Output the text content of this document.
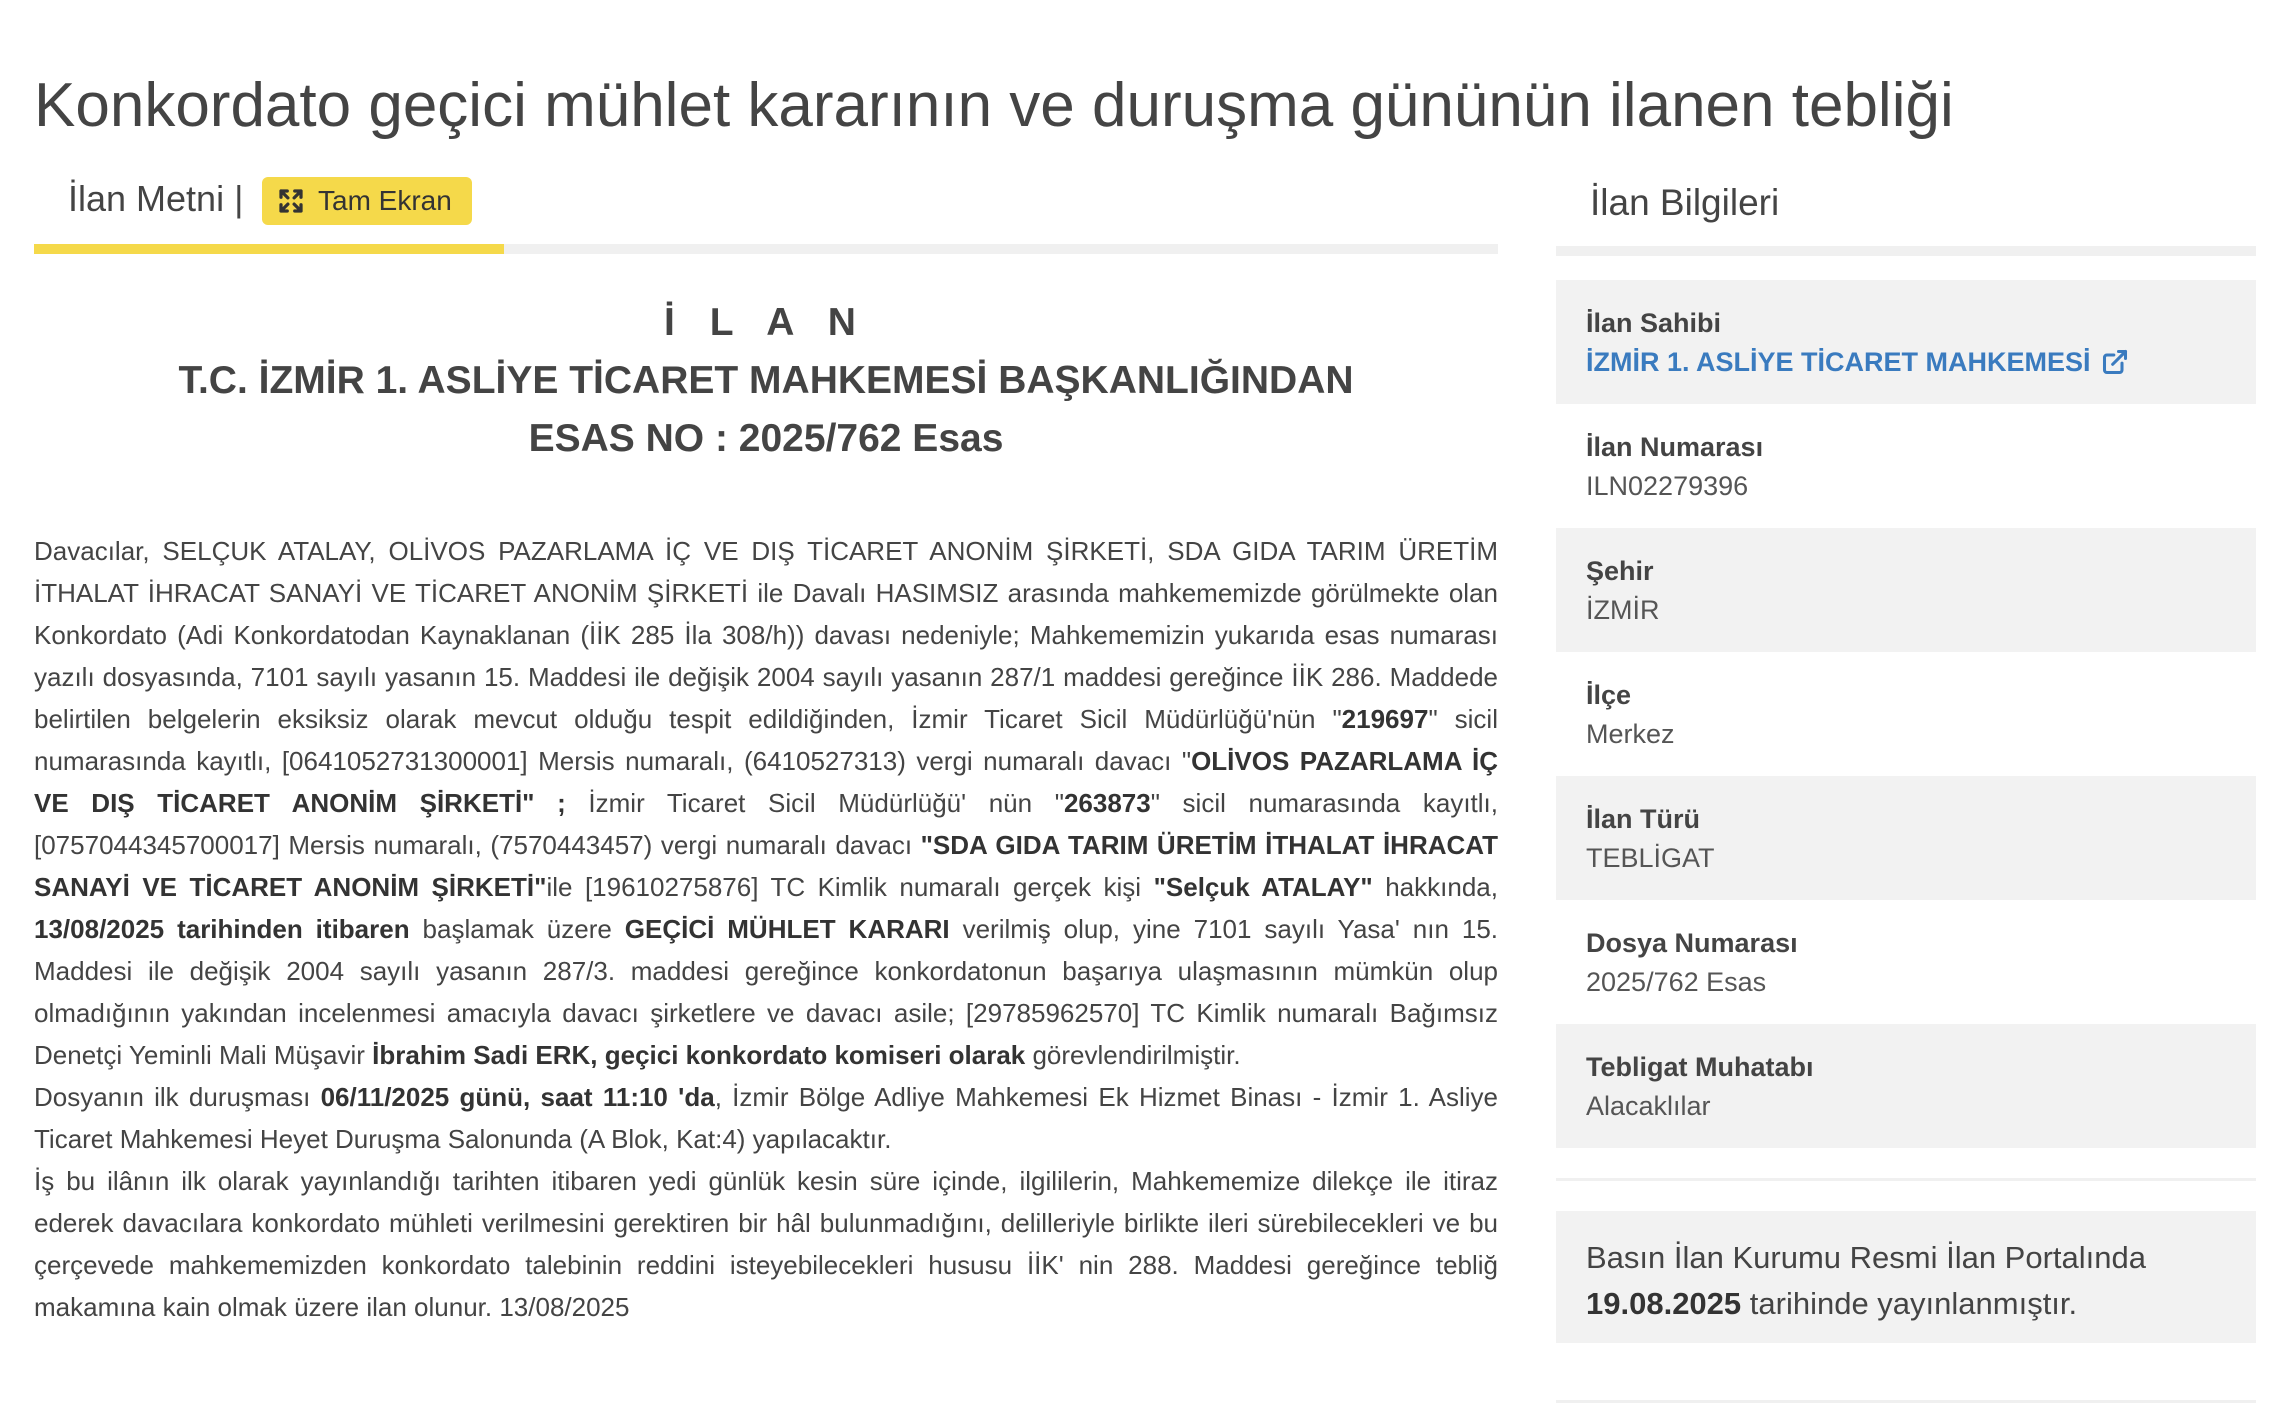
Konkordato geçici mühlet kararının ve duruşma gününün ilanen tebliği
İlan Metni |	Tam Ekran
İ L A N
T.C. İZMİR 1. ASLİYE TİCARET MAHKEMESİ BAŞKANLIĞINDAN
ESAS NO : 2025/762 Esas

Davacılar, SELÇUK ATALAY, OLİVOS PAZARLAMA İÇ VE DIŞ TİCARET ANONİM ŞİRKETİ, SDA GIDA TARIM ÜRETİM İTHALAT İHRACAT SANAYİ VE TİCARET ANONİM ŞİRKETİ ile Davalı HASIMSIZ arasında mahkememizde görülmekte olan Konkordato (Adi Konkordatodan Kaynaklanan (İİK 285 İla 308/h)) davası nedeniyle; Mahkememizin yukarıda esas numarası yazılı dosyasında, 7101 sayılı yasanın 15. Maddesi ile değişik 2004 sayılı yasanın 287/1 maddesi gereğince İİK 286. Maddede belirtilen belgelerin eksiksiz olarak mevcut olduğu tespit edildiğinden, İzmir Ticaret Sicil Müdürlüğü'nün "219697" sicil numarasında kayıtlı, [0641052731300001] Mersis numaralı, (6410527313) vergi numaralı davacı "OLİVOS PAZARLAMA İÇ VE DIŞ TİCARET ANONİM ŞİRKETİ" ; İzmir Ticaret Sicil Müdürlüğü' nün "263873" sicil numarasında kayıtlı, [0757044345700017] Mersis numaralı, (7570443457) vergi numaralı davacı "SDA GIDA TARIM ÜRETİM İTHALAT İHRACAT SANAYİ VE TİCARET ANONİM ŞİRKETİ"ile [19610275876] TC Kimlik numaralı gerçek kişi "Selçuk ATALAY" hakkında, 13/08/2025 tarihinden itibaren başlamak üzere GEÇİCİ MÜHLET KARARI verilmiş olup, yine 7101 sayılı Yasa' nın 15. Maddesi ile değişik 2004 sayılı yasanın 287/3. maddesi gereğince konkordatonun başarıya ulaşmasının mümkün olup olmadığının yakından incelenmesi amacıyla davacı şirketlere ve davacı asile; [29785962570] TC Kimlik numaralı Bağımsız Denetçi Yeminli Mali Müşavir İbrahim Sadi ERK, geçici konkordato komiseri olarak görevlendirilmiştir.

Dosyanın ilk duruşması 06/11/2025 günü, saat 11:10 'da, İzmir Bölge Adliye Mahkemesi Ek Hizmet Binası - İzmir 1. Asliye Ticaret Mahkemesi Heyet Duruşma Salonunda (A Blok, Kat:4) yapılacaktır.

İş bu ilânın ilk olarak yayınlandığı tarihten itibaren yedi günlük kesin süre içinde, ilgililerin, Mahkememize dilekçe ile itiraz ederek davacılara konkordato mühleti verilmesini gerektiren bir hâl bulunmadığını, delilleriyle birlikte ileri sürebilecekleri ve bu çerçevede mahkememizden konkordato talebinin reddini isteyebilecekleri hususu İİK' nin 288. Maddesi gereğince tebliğ makamına kain olmak üzere ilan olunur. 13/08/2025

İlan Bilgileri
İlan Sahibi
İZMİR 1. ASLİYE TİCARET MAHKEMESİ
İlan Numarası
ILN02279396
Şehir
İZMİR
İlçe
Merkez
İlan Türü
TEBLİGAT
Dosya Numarası
2025/762 Esas
Tebligat Muhatabı
Alacaklılar
Basın İlan Kurumu Resmi İlan Portalında
19.08.2025 tarihinde yayınlanmıştır.
